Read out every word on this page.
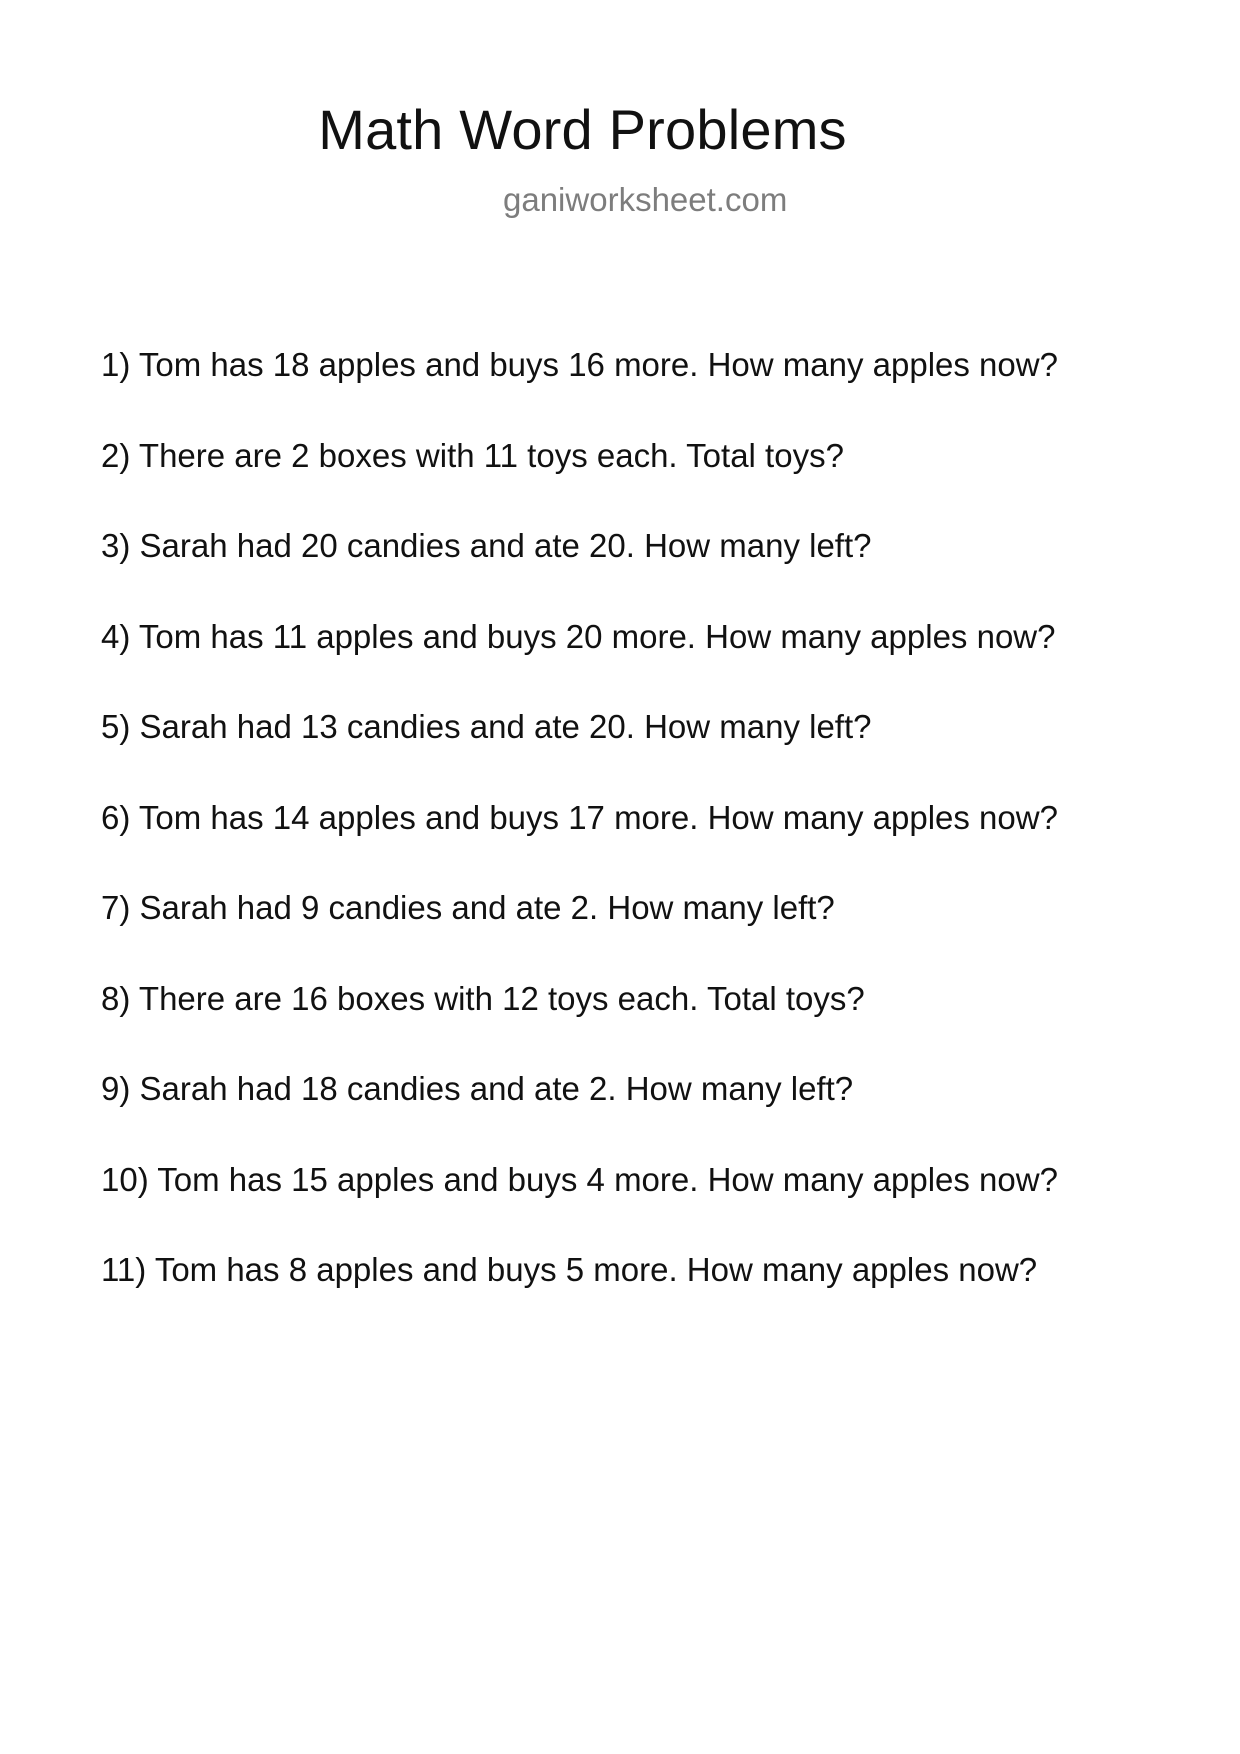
Math Word Problems

ganiworksheet.com

1) Tom has 18 apples and buys 16 more. How many apples now?
2) There are 2 boxes with 11 toys each. Total toys?
3) Sarah had 20 candies and ate 20. How many left?
4) Tom has 11 apples and buys 20 more. How many apples now?
5) Sarah had 13 candies and ate 20. How many left?
6) Tom has 14 apples and buys 17 more. How many apples now?
7) Sarah had 9 candies and ate 2. How many left?
8) There are 16 boxes with 12 toys each. Total toys?
9) Sarah had 18 candies and ate 2. How many left?
10) Tom has 15 apples and buys 4 more. How many apples now?
11) Tom has 8 apples and buys 5 more. How many apples now?
